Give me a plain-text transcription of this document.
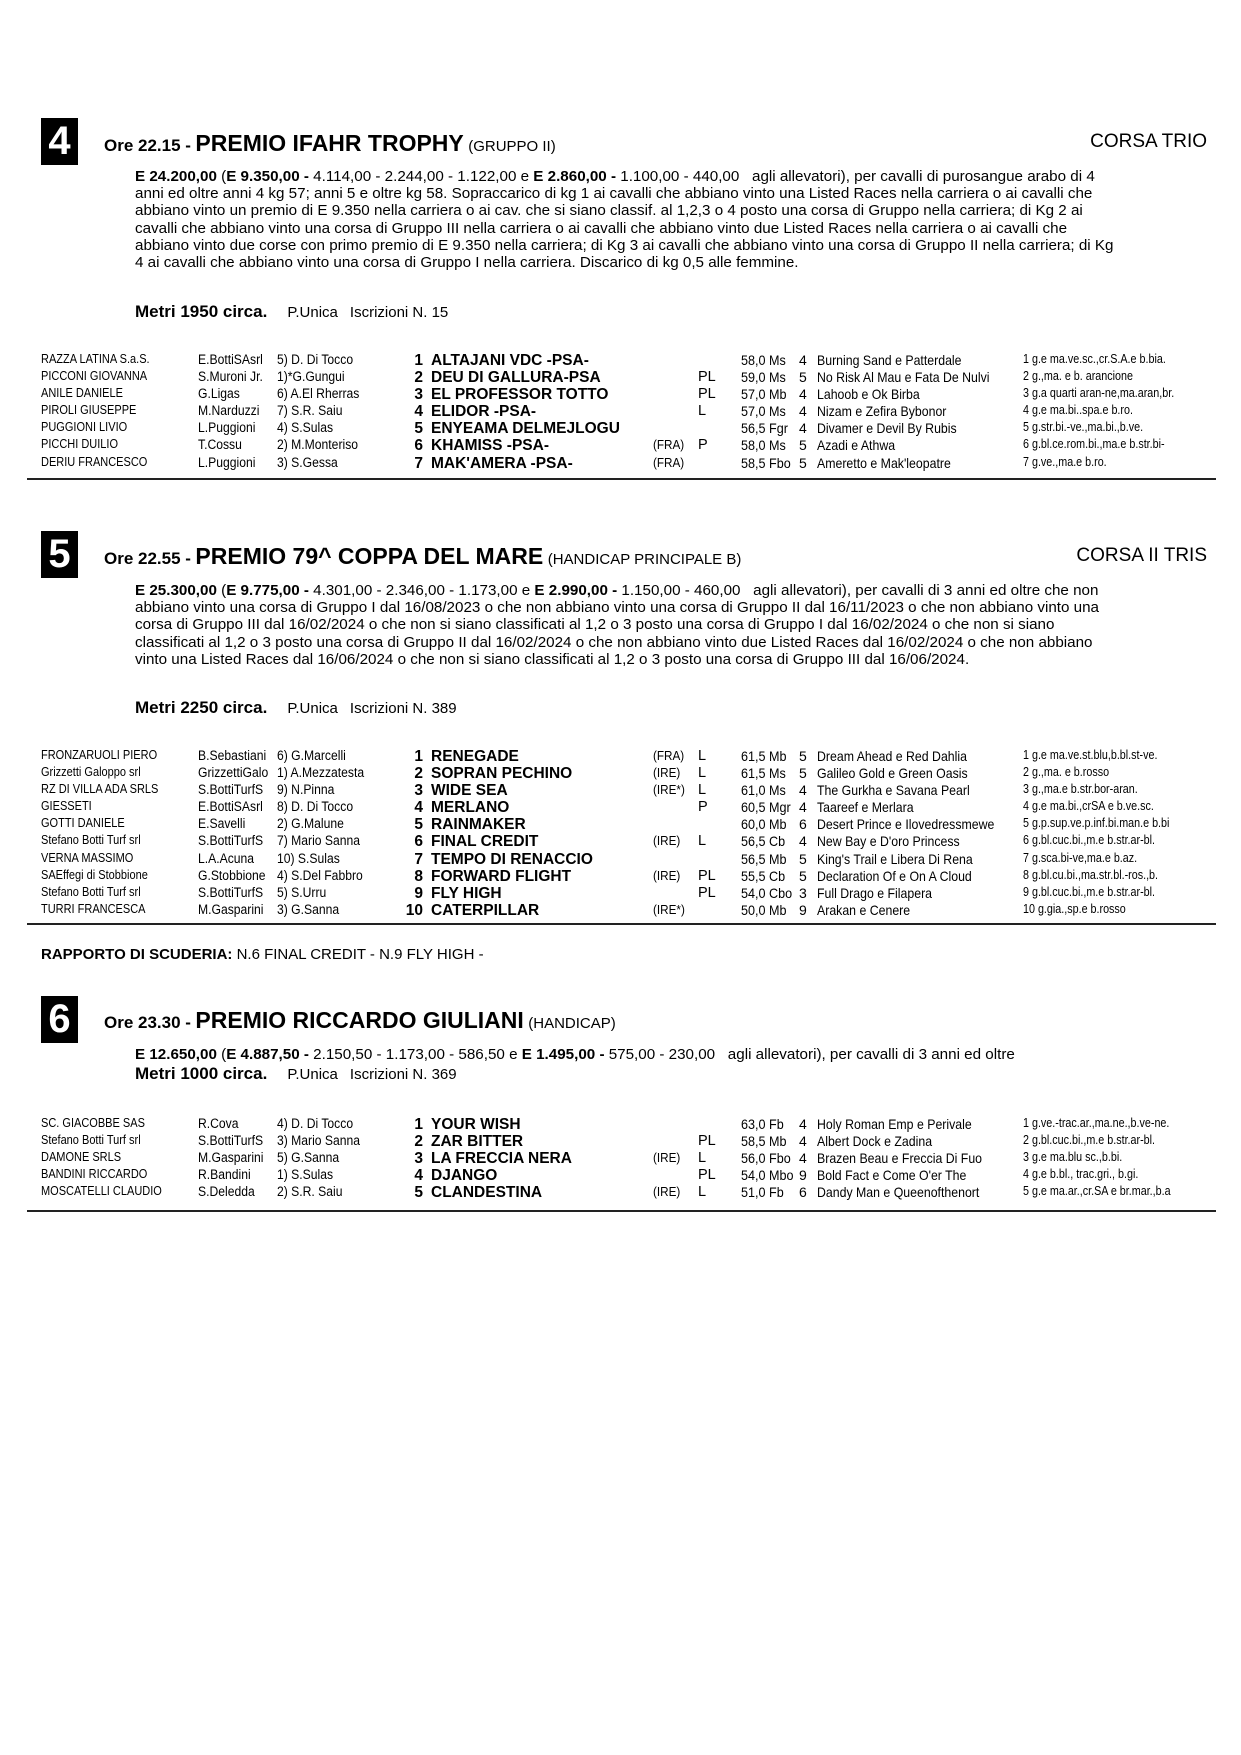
4	Ore 22.15 - PREMIO IFAHR TROPHY (GRUPPO II)	CORSA TRIO
E 24.200,00 (E 9.350,00 - 4.114,00 - 2.244,00 - 1.122,00 e E 2.860,00 - 1.100,00 - 440,00 agli allevatori), per cavalli di purosangue arabo di 4 anni ed oltre anni 4 kg 57; anni 5 e oltre kg 58. Sopraccarico di kg 1 ai cavalli che abbiano vinto una Listed Races nella carriera o ai cavalli che abbiano vinto un premio di E 9.350 nella carriera o ai cav. che si siano classif. al 1,2,3 o 4 posto una corsa di Gruppo nella carriera; di Kg 2 ai cavalli che abbiano vinto una corsa di Gruppo III nella carriera o ai cavalli che abbiano vinto due Listed Races nella carriera o ai cavalli che abbiano vinto due corse con primo premio di E 9.350 nella carriera; di Kg 3 ai cavalli che abbiano vinto una corsa di Gruppo II nella carriera; di Kg 4 ai cavalli che abbiano vinto una corsa di Gruppo I nella carriera. Discarico di kg 0,5 alle femmine.
Metri 1950 circa. P.Unica Iscrizioni N. 15
RAZZA LATINA S.a.S.	E.BottiSAsrl 5) D. Di Tocco	1 ALTAJANI VDC -PSA-	58,0 Ms 4 Burning Sand e Patterdale	1 g.e ma.ve.sc.,cr.S.A.e b.bia.
PICCONI GIOVANNA	S.Muroni Jr. 1)*G.Gungui	2 DEU DI GALLURA-PSA	PL 59,0 Ms 5 No Risk Al Mau e Fata De Nulvi	2 g.,ma. e b. arancione
ANILE DANIELE	G.Ligas	6) A.El Rherras	3 EL PROFESSOR TOTTO	PL 57,0 Mb 4 Lahoob e Ok Birba	3 g.a quarti aran-ne,ma.aran,br.
PIROLI GIUSEPPE	M.Narduzzi 7) S.R. Saiu	4 ELIDOR -PSA-	L 57,0 Ms 4 Nizam e Zefira Bybonor	4 g.e ma.bi..spa.e b.ro.
PUGGIONI LIVIO	L.Puggioni 4) S.Sulas	5 ENYEAMA DELMEJLOGU	56,5 Fgr 4 Divamer e Devil By Rubis	5 g.str.bi.-ve.,ma.bi.,b.ve.
PICCHI DUILIO	T.Cossu	2) M.Monteriso	6 KHAMISS -PSA-	(FRA) P 58,0 Ms 5 Azadi e Athwa	6 g.bl.ce.rom.bi.,ma.e b.str.bi-
DERIU FRANCESCO	L.Puggioni 3) S.Gessa	7 MAK'AMERA -PSA-	(FRA)	58,5 Fbo 5 Ameretto e Mak'leopatre	7 g.ve.,ma.e b.ro.
5	Ore 22.55 - PREMIO 79^ COPPA DEL MARE (HANDICAP PRINCIPALE B)	CORSA II TRIS
E 25.300,00 (E 9.775,00 - 4.301,00 - 2.346,00 - 1.173,00 e E 2.990,00 - 1.150,00 - 460,00 agli allevatori), per cavalli di 3 anni ed oltre che non abbiano vinto una corsa di Gruppo I dal 16/08/2023 o che non abbiano vinto una corsa di Gruppo II dal 16/11/2023 o che non abbiano vinto una corsa di Gruppo III dal 16/02/2024 o che non si siano classificati al 1,2 o 3 posto una corsa di Gruppo I dal 16/02/2024 o che non si siano classificati al 1,2 o 3 posto una corsa di Gruppo II dal 16/02/2024 o che non abbiano vinto due Listed Races dal 16/02/2024 o che non abbiano vinto una Listed Races dal 16/06/2024 o che non si siano classificati al 1,2 o 3 posto una corsa di Gruppo III dal 16/06/2024.
Metri 2250 circa. P.Unica Iscrizioni N. 389
FRONZARUOLI PIERO	B.Sebastiani 6) G.Marcelli	1 RENEGADE	(FRA) L 61,5 Mb 5 Dream Ahead e Red Dahlia	1 g.e ma.ve.st.blu,b.bl.st-ve.
Grizzetti Galoppo srl	GrizzettiGalo 1) A.Mezzatesta	2 SOPRAN PECHINO	(IRE) L 61,5 Ms 5 Galileo Gold e Green Oasis	2 g.,ma. e b.rosso
RZ DI VILLA ADA SRLS	S.BottiTurfS 9) N.Pinna	3 WIDE SEA	(IRE*) L 61,0 Ms 4 The Gurkha e Savana Pearl	3 g.,ma.e b.str.bor-aran.
GIESSETI	E.BottiSAsrl 8) D. Di Tocco	4 MERLANO	P 60,5 Mgr 4 Taareef e Merlara	4 g.e ma.bi.,crSA e b.ve.sc.
GOTTI DANIELE	E.Savelli 2) G.Malune	5 RAINMAKER	60,0 Mb 6 Desert Prince e Ilovedressmewe 5 g.p.sup.ve.p.inf.bi.man.e b.bi
Stefano Botti Turf srl	S.BottiTurfS 7) Mario Sanna	6 FINAL CREDIT	(IRE) L 56,5 Cb 4 New Bay e D'oro Princess	6 g.bl.cuc.bi.,m.e b.str.ar-bl.
VERNA MASSIMO	L.A.Acuna 10) S.Sulas	7 TEMPO DI RENACCIO	56,5 Mb 5 King's Trail e Libera Di Rena	7 g.sca.bi-ve,ma.e b.az.
SAEffegi di Stobbione	G.Stobbione 4) S.Del Fabbro	8 FORWARD FLIGHT	(IRE) PL 55,5 Cb 5 Declaration Of e On A Cloud	8 g.bl.cu.bi.,ma.str.bl.-ros.,b.
Stefano Botti Turf srl	S.BottiTurfS 5) S.Urru	9 FLY HIGH	PL 54,0 Cbo 3 Full Drago e Filapera	9 g.bl.cuc.bi.,m.e b.str.ar-bl.
TURRI FRANCESCA	M.Gasparini 3) G.Sanna	10 CATERPILLAR	(IRE*)	50,0 Mb 9 Arakan e Cenere	10 g.gia.,sp.e b.rosso
RAPPORTO DI SCUDERIA: N.6 FINAL CREDIT - N.9 FLY HIGH -
6	Ore 23.30 - PREMIO RICCARDO GIULIANI (HANDICAP)
E 12.650,00 (E 4.887,50 - 2.150,50 - 1.173,00 - 586,50 e E 1.495,00 - 575,00 - 230,00 agli allevatori), per cavalli di 3 anni ed oltre
Metri 1000 circa. P.Unica Iscrizioni N. 369
SC. GIACOBBE SAS	R.Cova	4) D. Di Tocco	1 YOUR WISH	63,0 Fb 4 Holy Roman Emp e Perivale	1 g.ve.-trac.ar.,ma.ne.,b.ve-ne.
Stefano Botti Turf srl	S.BottiTurfS 3) Mario Sanna	2 ZAR BITTER	PL 58,5 Mb 4 Albert Dock e Zadina	2 g.bl.cuc.bi.,m.e b.str.ar-bl.
DAMONE SRLS	M.Gasparini 5) G.Sanna	3 LA FRECCIA NERA	(IRE) L 56,0 Fbo 4 Brazen Beau e Freccia Di Fuo	3 g.e ma.blu sc.,b.bi.
BANDINI RICCARDO	R.Bandini 1) S.Sulas	4 DJANGO	PL 54,0 Mbo 9 Bold Fact e Come O'er The	4 g.e b.bl., trac.gri., b.gi.
MOSCATELLI CLAUDIO	S.Deledda 2) S.R. Saiu	5 CLANDESTINA	(IRE) L 51,0 Fb 6 Dandy Man e Queenofthenort	5 g.e ma.ar.,cr.SA e br.mar.,b.a
